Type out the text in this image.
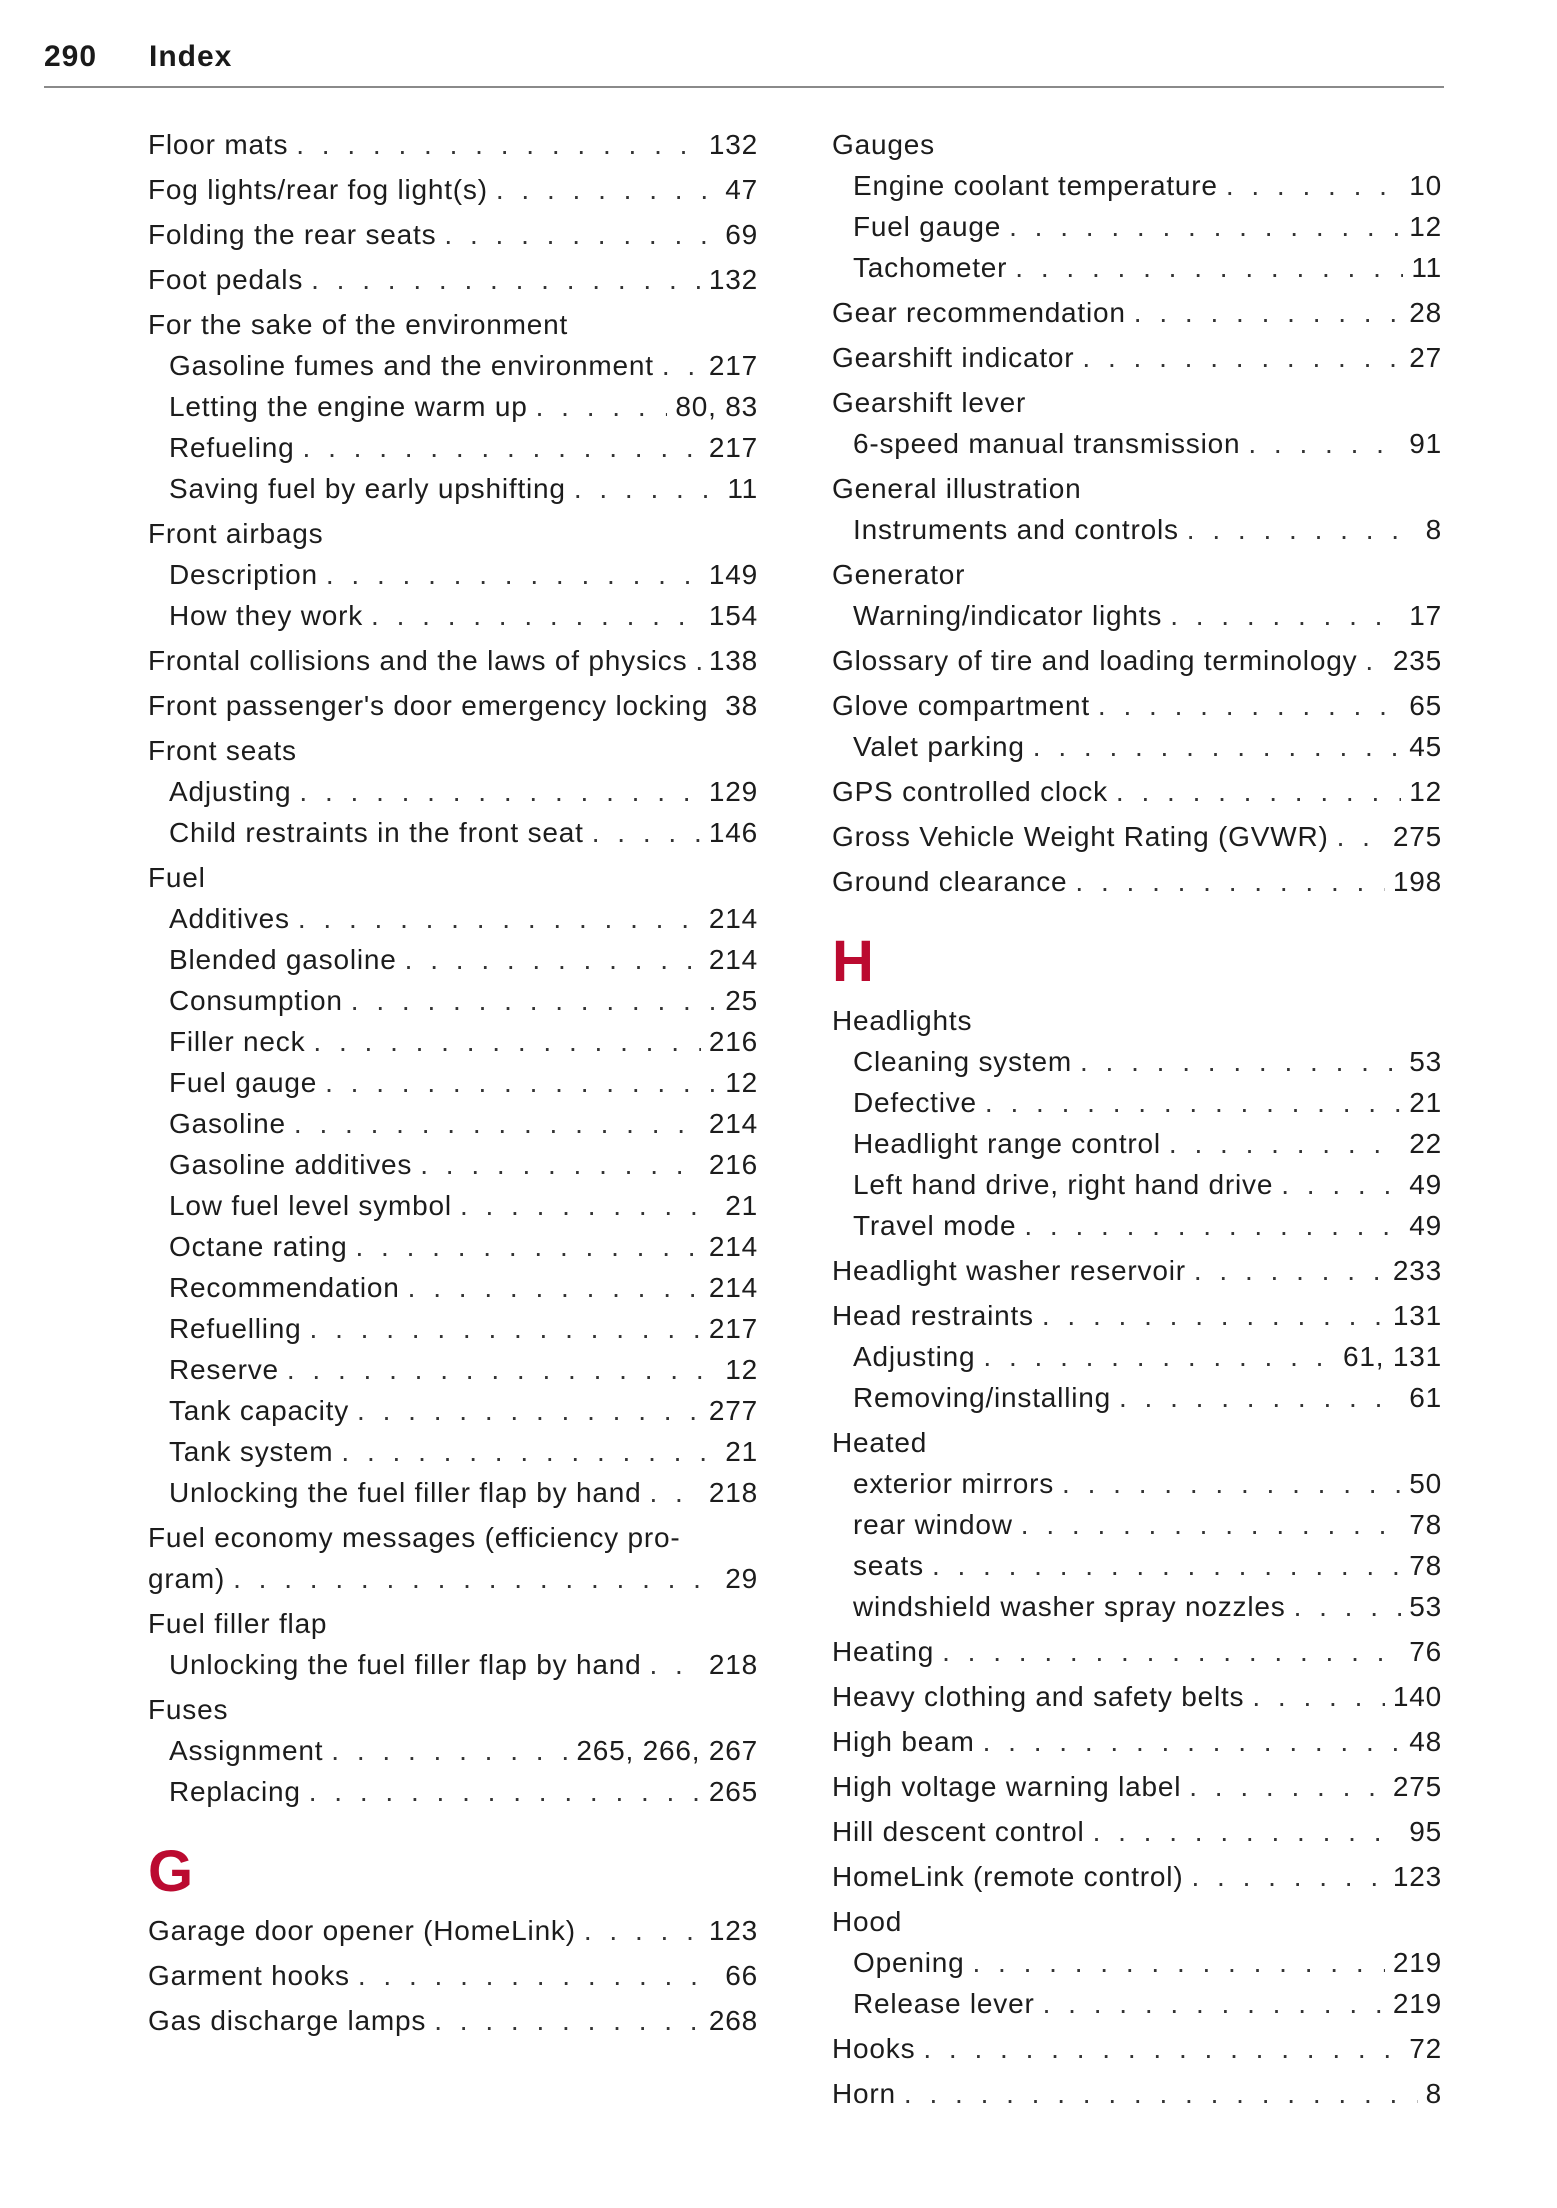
290 Index
Floor mats . . .	132
Fog lights/rear fog light(s) . . .	47
Folding the rear seats . . .	69
Foot pedals . . .	132
For the sake of the environment
Gasoline fumes and the environment . . . 217
Letting the engine warm up . . .	80, 83
Refueling . . .	217
Saving fuel by early upshifting . . .	11
Front airbags
Description . . .	149
How they work . . .	154
Frontal collisions and the laws of physics . . . 138
Front passenger's door emergency locking . . . 38
Front seats
Adjusting . . .	129
Child restraints in the front seat . . .	146
Fuel
Additives . . .	214
Blended gasoline . . .	214
Consumption . . .	25
Filler neck . . .	216
Fuel gauge . . .	12
Gasoline . . .	214
Gasoline additives . . .	216
Low fuel level symbol . . .	21
Octane rating . . .	214
Recommendation . . .	214
Refuelling . . .	217
Reserve . . .	12
Tank capacity . . .	277
Tank system . . .	21
Unlocking the fuel filler flap by hand . . . 218
Fuel economy messages (efficiency pro-
gram) . . .	29
Fuel filler flap
Unlocking the fuel filler flap by hand . . . 218
Fuses
Assignment . . .	265, 266, 267
Replacing . . .	265
G
Garage door opener (HomeLink) . . .	123
Garment hooks . . .	66
Gas discharge lamps . . .	268
Gauges
Engine coolant temperature . . .	10
Fuel gauge . . .	12
Tachometer . . .	11
Gear recommendation . . .	28
Gearshift indicator . . .	27
Gearshift lever
6-speed manual transmission . . .	91
General illustration
Instruments and controls . . .	8
Generator
Warning/indicator lights . . .	17
Glossary of tire and loading terminology . . . 235
Glove compartment . . .	65
Valet parking . . .	45
GPS controlled clock . . .	12
Gross Vehicle Weight Rating (GVWR) . . . 275
Ground clearance . . .	198
H
Headlights
Cleaning system . . .	53
Defective . . .	21
Headlight range control . . .	22
Left hand drive, right hand drive . . .	49
Travel mode . . .	49
Headlight washer reservoir . . .	233
Head restraints . . .	131
Adjusting . . .	61, 131
Removing/installing . . .	61
Heated
exterior mirrors . . .	50
rear window . . .	78
seats . . .	78
windshield washer spray nozzles . . .	53
Heating . . .	76
Heavy clothing and safety belts . . .	140
High beam . . .	48
High voltage warning label . . .	275
Hill descent control . . .	95
HomeLink (remote control) . . .	123
Hood
Opening . . .	219
Release lever . . .	219
Hooks . . .	72
Horn . . .	8
